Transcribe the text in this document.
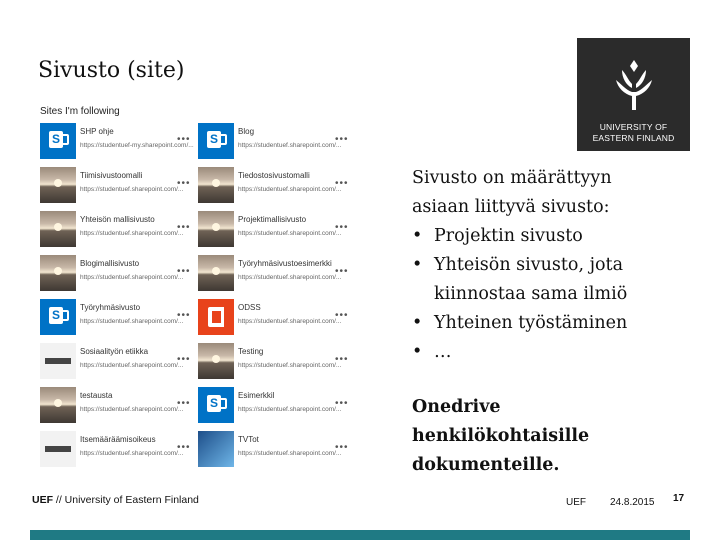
Sivusto (site)
UNIVERSITY OF
EASTERN FINLAND
Sites I'm following
S
SHP ohje
https://studentuef-my.sharepoint.com/...
••• S
Blog
https://studentuef.sharepoint.com/...
•••
Tiimisivustoomalli
https://studentuef.sharepoint.com/...
•••
Tiedostosivustomalli
https://studentuef.sharepoint.com/...
•••
Yhteisön mallisivusto
https://studentuef.sharepoint.com/...
•••
Projektimallisivusto
https://studentuef.sharepoint.com/...
•••
Blogimallisivusto
https://studentuef.sharepoint.com/...
•••
Työryhmäsivustoesimerkki
https://studentuef.sharepoint.com/...
•••
S
Työryhmäsivusto
https://studentuef.sharepoint.com/...
•••
ODSS
https://studentuef.sharepoint.com/...
•••
Sosiaalityön etiikka
https://studentuef.sharepoint.com/...
•••
Testing
https://studentuef.sharepoint.com/...
•••
testausta
https://studentuef.sharepoint.com/...
••• S
Esimerkkil
https://studentuef.sharepoint.com/...
•••
Itsemääräämisoikeus
https://studentuef.sharepoint.com/...
•••
TVTot
https://studentuef.sharepoint.com/...
•••
Sivusto on määrättyyn
asiaan liittyvä sivusto:
• Projektin sivusto
• Yhteisön sivusto, jota
kiinnostaa sama ilmiö
• Yhteinen työstäminen
• …
Onedrive henkilökohtaisille dokumenteille.
UEF // University of Eastern Finland	UEF 24.8.2015 17
